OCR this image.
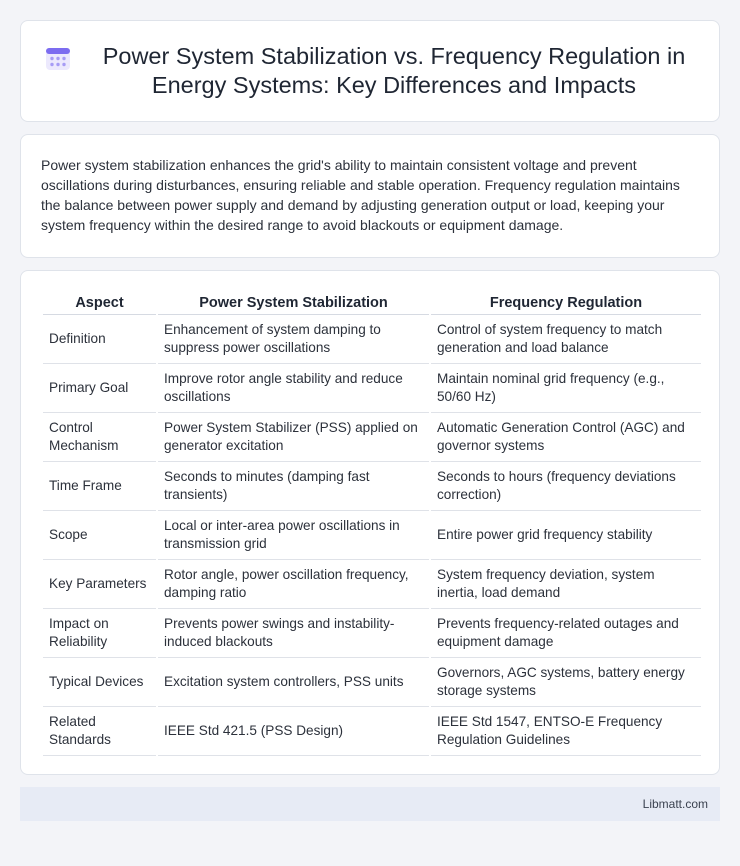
Power System Stabilization vs. Frequency Regulation in Energy Systems: Key Differences and Impacts

Power system stabilization enhances the grid's ability to maintain consistent voltage and prevent oscillations during disturbances, ensuring reliable and stable operation. Frequency regulation maintains the balance between power supply and demand by adjusting generation output or load, keeping your system frequency within the desired range to avoid blackouts or equipment damage.

Aspect	Power System Stabilization	Frequency Regulation
Definition	Enhancement of system damping to suppress power oscillations	Control of system frequency to match generation and load balance
Primary Goal	Improve rotor angle stability and reduce oscillations	Maintain nominal grid frequency (e.g., 50/60 Hz)
Control Mechanism	Power System Stabilizer (PSS) applied on generator excitation	Automatic Generation Control (AGC) and governor systems
Time Frame	Seconds to minutes (damping fast transients)	Seconds to hours (frequency deviations correction)
Scope	Local or inter-area power oscillations in transmission grid	Entire power grid frequency stability
Key Parameters	Rotor angle, power oscillation frequency, damping ratio	System frequency deviation, system inertia, load demand
Impact on Reliability	Prevents power swings and instability-induced blackouts	Prevents frequency-related outages and equipment damage
Typical Devices	Excitation system controllers, PSS units	Governors, AGC systems, battery energy storage systems
Related Standards	IEEE Std 421.5 (PSS Design)	IEEE Std 1547, ENTSO-E Frequency Regulation Guidelines
Libmatt.com
